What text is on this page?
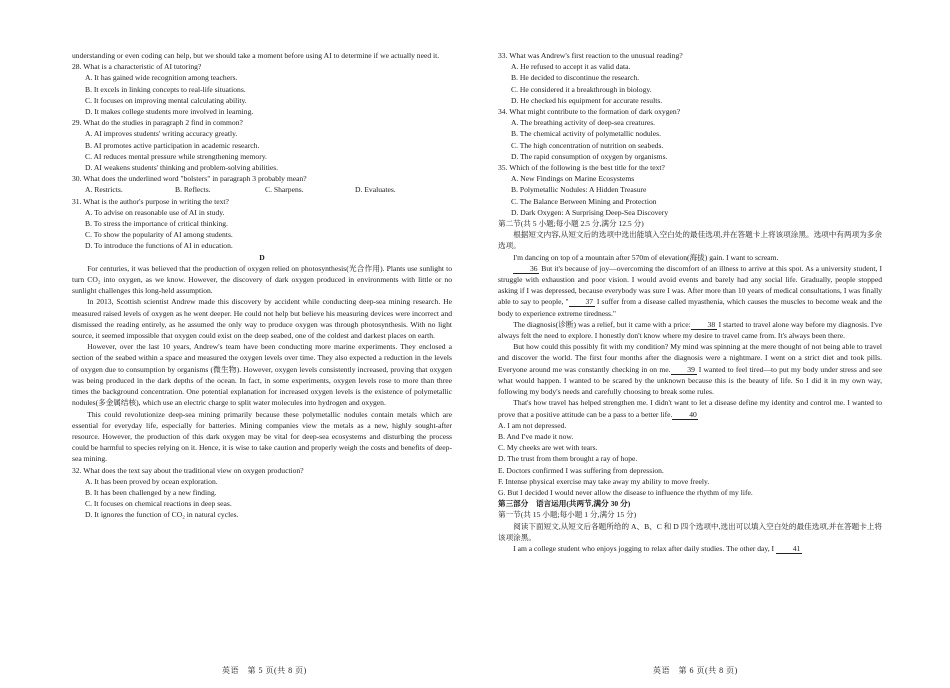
understanding or even coding can help, but we should take a moment before using AI to determine if we actually need it.

28. What is a characteristic of AI tutoring?

A. It has gained wide recognition among teachers.

B. It excels in linking concepts to real-life situations.

C. It focuses on improving mental calculating ability.

D. It makes college students more involved in learning.

29. What do the studies in paragraph 2 find in common?

A. AI improves students' writing accuracy greatly.

B. AI promotes active participation in academic research.

C. AI reduces mental pressure while strengthening memory.

D. AI weakens students' thinking and problem-solving abilities.

30. What does the underlined word "bolsters" in paragraph 3 probably mean?

A. Restricts.	B. Reflects.	C. Sharpens.	D. Evaluates.

31. What is the author's purpose in writing the text?

A. To advise on reasonable use of AI in study.

B. To stress the importance of critical thinking.

C. To show the popularity of AI among students.

D. To introduce the functions of AI in education.

D

For centuries, it was believed that the production of oxygen relied on photosynthesis(光合作用). Plants use sunlight to turn CO₂ into oxygen, as we know. However, the discovery of dark oxygen produced in environments with little or no sunlight challenges this long-held assumption.

In 2013, Scottish scientist Andrew made this discovery by accident while conducting deep-sea mining research. He measured raised levels of oxygen as he went deeper. He could not help but believe his measuring devices were incorrect and dismissed the reading entirely, as he assumed the only way to produce oxygen was through photosynthesis. With no light source, it seemed impossible that oxygen could exist on the deep seabed, one of the coldest and darkest places on earth.

However, over the last 10 years, Andrew's team have been conducting more marine experiments. They enclosed a section of the seabed within a space and measured the oxygen levels over time. They also expected a reduction in the levels of oxygen due to consumption by organisms (微生物). However, oxygen levels consistently increased, proving that oxygen was being produced in the dark depths of the ocean. In fact, in some experiments, oxygen levels rose to more than three times the background concentration. One potential explanation for increased oxygen levels is the existence of polymetallic nodules(多金属结核), which use an electric charge to split water molecules into hydrogen and oxygen.

This could revolutionize deep-sea mining primarily because these polymetallic nodules contain metals which are essential for everyday life, especially for batteries. Mining companies view the metals as a new, highly sought-after resource. However, the production of this dark oxygen may be vital for deep-sea ecosystems and disturbing the process could be harmful to species relying on it. Hence, it is wise to take caution and properly weigh the costs and benefits of deep-sea mining.

32. What does the text say about the traditional view on oxygen production?

A. It has been proved by ocean exploration.

B. It has been challenged by a new finding.

C. It focuses on chemical reactions in deep seas.

D. It ignores the function of CO₂ in natural cycles.

33. What was Andrew's first reaction to the unusual reading?

A. He refused to accept it as valid data.

B. He decided to discontinue the research.

C. He considered it a breakthrough in biology.

D. He checked his equipment for accurate results.

34. What might contribute to the formation of dark oxygen?

A. The breathing activity of deep-sea creatures.

B. The chemical activity of polymetallic nodules.

C. The high concentration of nutrition on seabeds.

D. The rapid consumption of oxygen by organisms.

35. Which of the following is the best title for the text?

A. New Findings on Marine Ecosystems

B. Polymetallic Nodules: A Hidden Treasure

C. The Balance Between Mining and Protection

D. Dark Oxygen: A Surprising Deep-Sea Discovery

第二节(共 5 小题;每小题 2.5 分,满分 12.5 分)

根据短文内容,从短文后的选项中选出能填入空白处的最佳选项,并在答题卡上将该项涂黑。选项中有两项为多余选项。

I'm dancing on top of a mountain after 570m of elevation(海拔) gain. I want to scream.

36 But it's because of joy—overcoming the discomfort of an illness to arrive at this spot. As a university student, I struggle with exhaustion and poor vision. I would avoid events and barely had any social life. Gradually, people stopped asking if I was depressed, because everybody was sure I was. After more than 10 years of medical consultations, I was finally able to say to people, " 37 I suffer from a disease called myasthenia, which causes the muscles to become weak and the body to experience extreme tiredness."

The diagnosis(诊断) was a relief, but it came with a price: 38 I started to travel alone way before my diagnosis. I've always felt the need to explore. I honestly don't know where my desire to travel came from. It's always been there.

But how could this possibly fit with my condition? My mind was spinning at the mere thought of not being able to travel and discover the world. The first four months after the diagnosis were a nightmare. I went on a strict diet and took pills. Everyone around me was constantly checking in on me. 39 I wanted to feel tired—to put my body under stress and see what would happen. I wanted to be scared by the unknown because this is the beauty of life. So I did it in my own way, following my body's needs and carefully choosing to break some rules.

That's how travel has helped strengthen me. I didn't want to let a disease define my identity and control me. I wanted to prove that a positive attitude can be a pass to a better life. 40

A. I am not depressed.

B. And I've made it now.

C. My cheeks are wet with tears.

D. The trust from them brought a ray of hope.

E. Doctors confirmed I was suffering from depression.

F. Intense physical exercise may take away my ability to move freely.

G. But I decided I would never allow the disease to influence the rhythm of my life.

第三部分　语言运用(共两节,满分 30 分)

第一节(共 15 小题;每小题 1 分,满分 15 分)

阅读下面短文,从短文后各题所给的 A、B、C 和 D 四个选项中,选出可以填入空白处的最佳选项,并在答题卡上将该项涂黑。

I am a college student who enjoys jogging to relax after daily studies. The other day, I 41

英语　第 5 页(共 8 页)	英语　第 6 页(共 8 页)
